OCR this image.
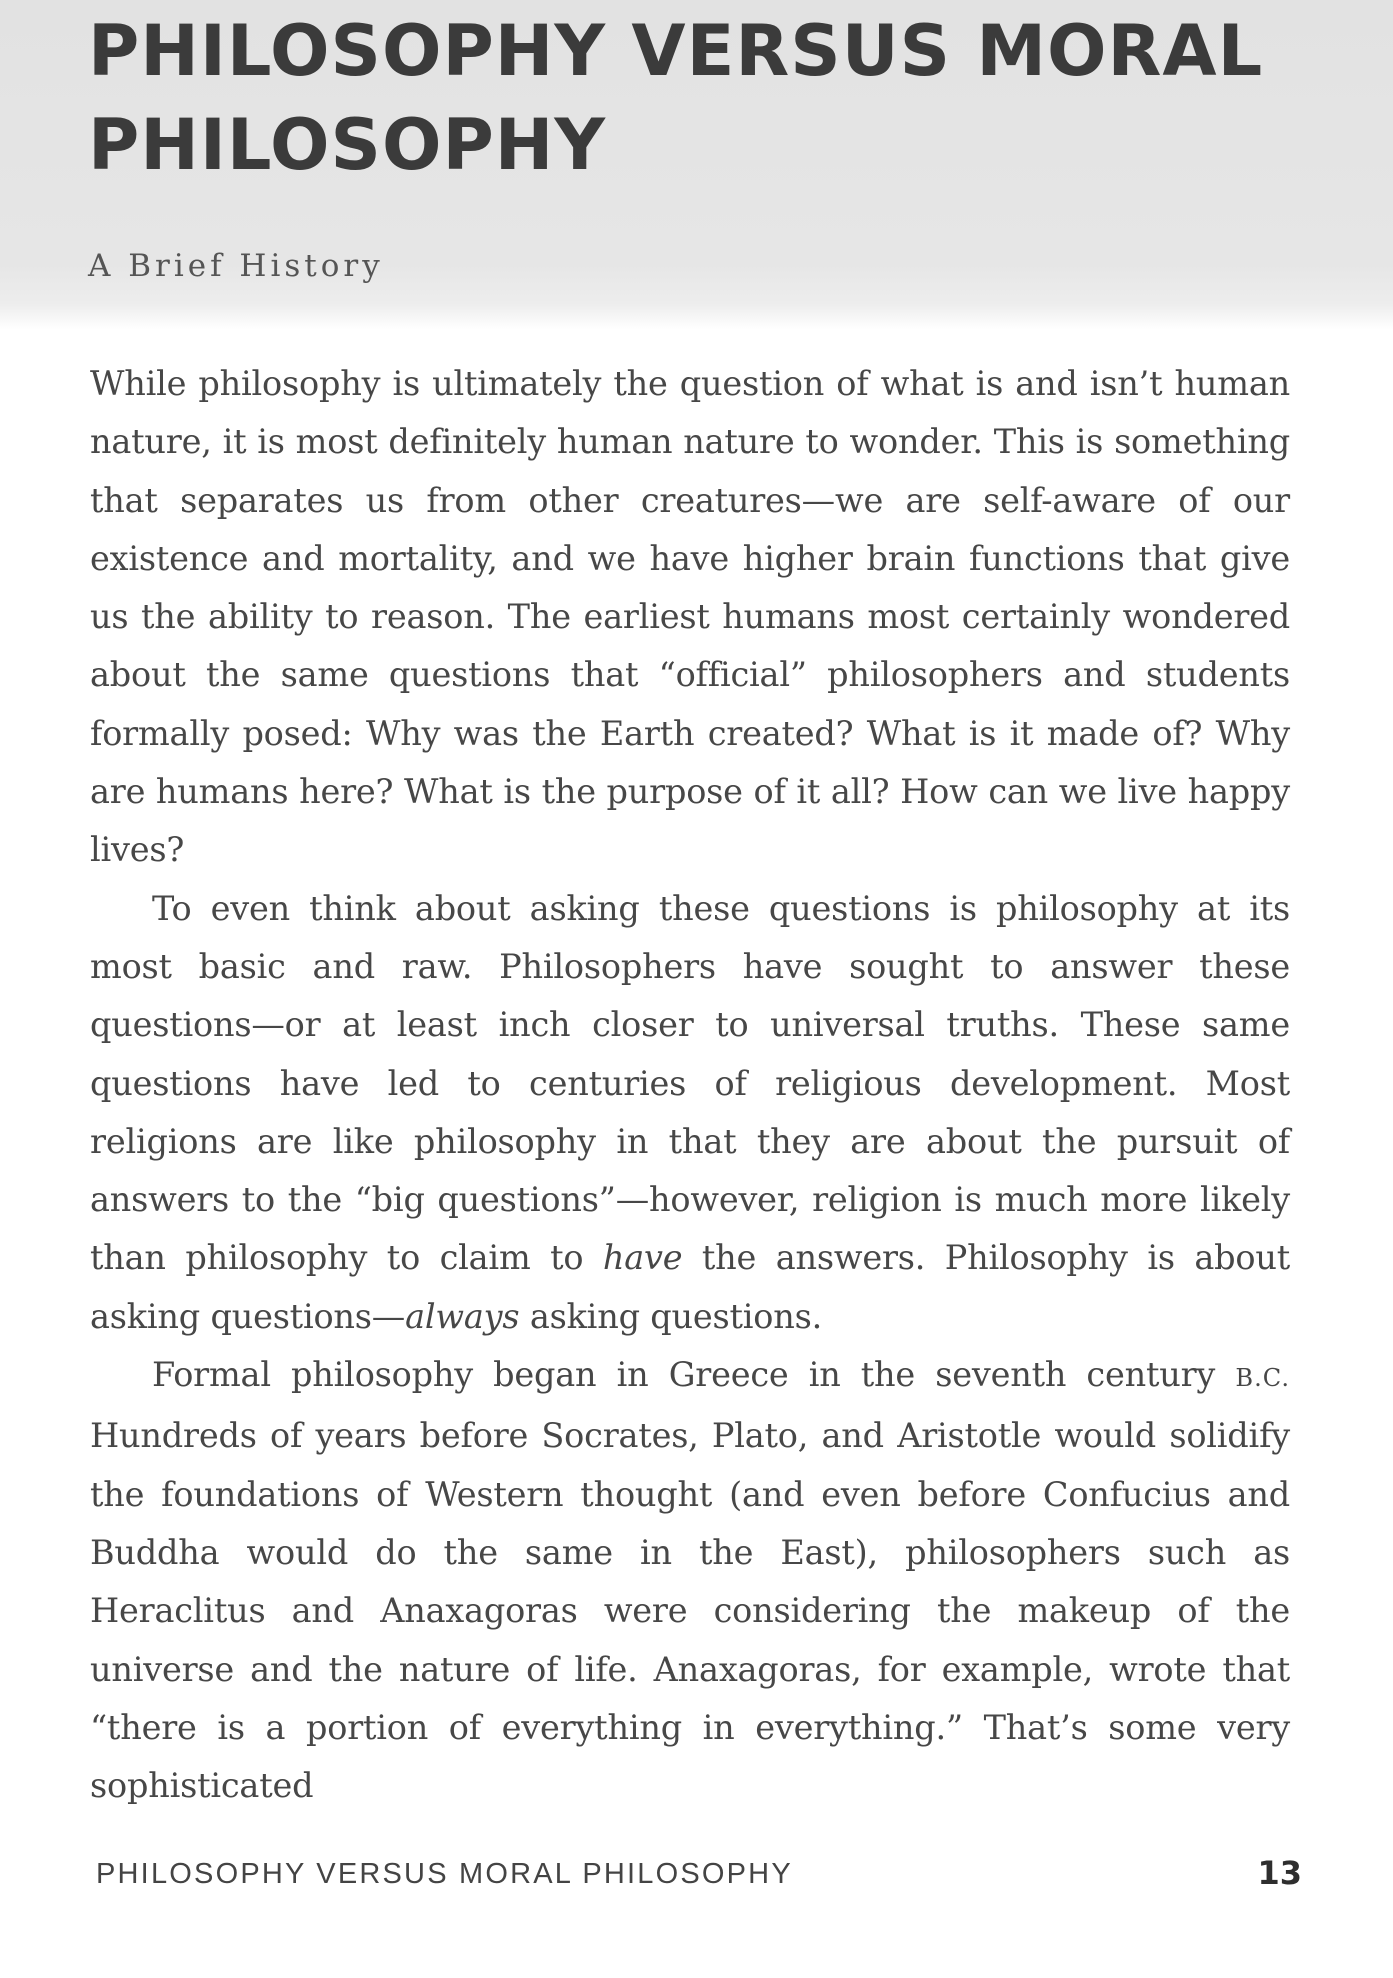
PHILOSOPHY VERSUS MORAL
PHILOSOPHY
A Brief History

While philosophy is ultimately the question of what is and isn’t human nature, it is most definitely human nature to wonder. This is something that separates us from other creatures—we are self-aware of our existence and mortality, and we have higher brain functions that give us the ability to reason. The earliest humans most certainly wondered about the same questions that “official” philosophers and students formally posed: Why was the Earth created? What is it made of? Why are humans here? What is the purpose of it all? How can we live happy lives?

To even think about asking these questions is philosophy at its most basic and raw. Philosophers have sought to answer these questions—or at least inch closer to universal truths. These same questions have led to centuries of religious development. Most religions are like philosophy in that they are about the pursuit of answers to the “big questions”—however, religion is much more likely than philosophy to claim to have the answers. Philosophy is about asking questions—always asking questions.

Formal philosophy began in Greece in the seventh century B.C. Hundreds of years before Socrates, Plato, and Aristotle would solidify the foundations of Western thought (and even before Confucius and Buddha would do the same in the East), philosophers such as Heraclitus and Anaxagoras were considering the makeup of the universe and the nature of life. Anaxagoras, for example, wrote that “there is a portion of everything in everything.” That’s some very sophisticated

PHILOSOPHY VERSUS MORAL PHILOSOPHY	13
